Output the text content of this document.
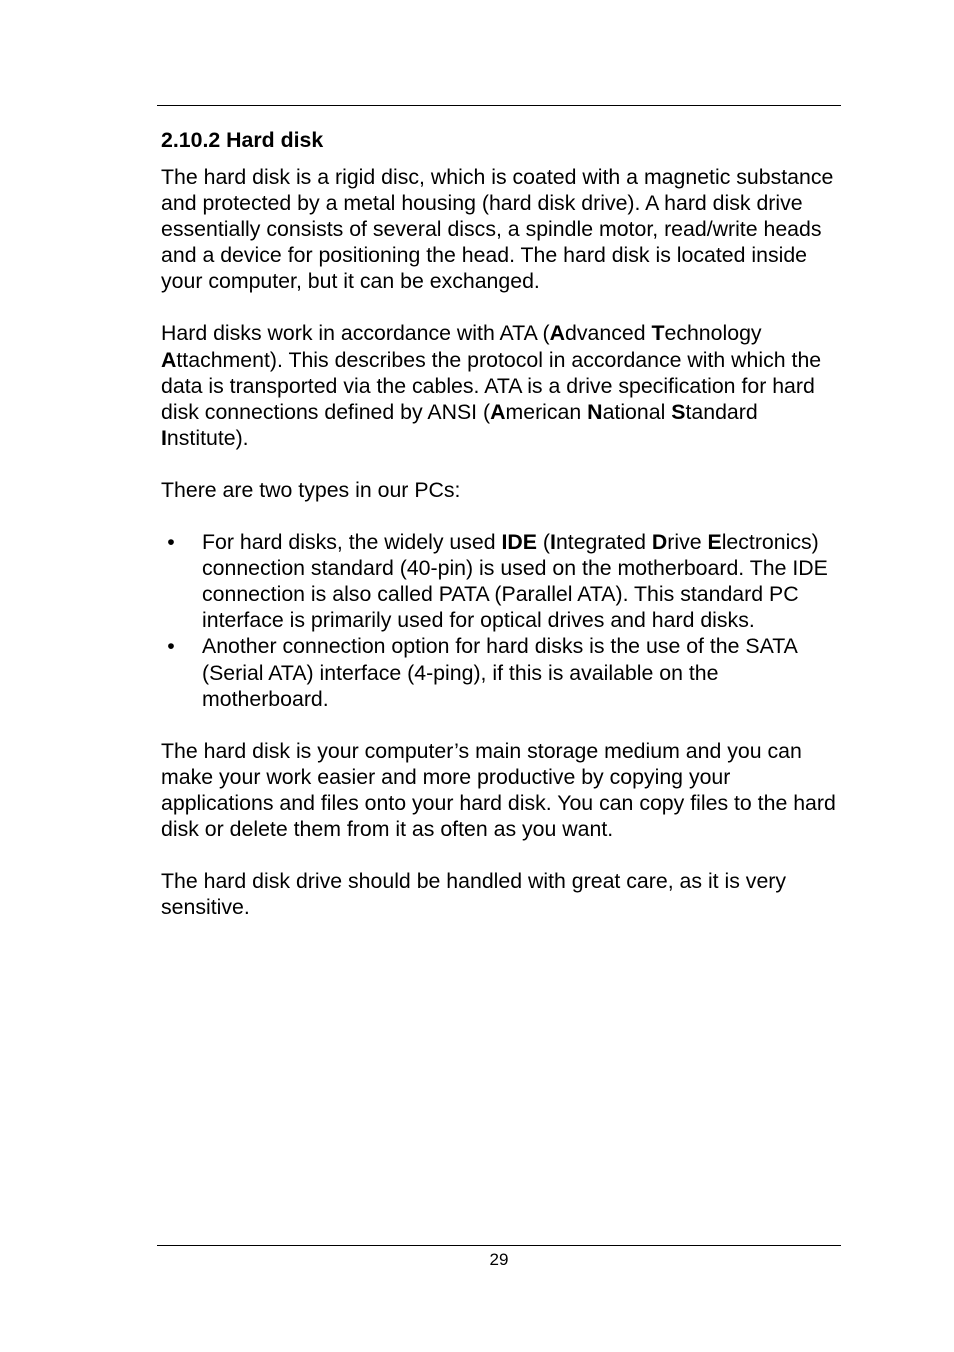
2.10.2 Hard disk

The hard disk is a rigid disc, which is coated with a magnetic substance and protected by a metal housing (hard disk drive). A hard disk drive essentially consists of several discs, a spindle motor, read/write heads and a device for positioning the head. The hard disk is located inside your computer, but it can be exchanged.

Hard disks work in accordance with ATA (Advanced Technology Attachment). This describes the protocol in accordance with which the data is transported via the cables. ATA is a drive specification for hard disk connections defined by ANSI (American National Standard Institute).

There are two types in our PCs:

• For hard disks, the widely used IDE (Integrated Drive Electronics) connection standard (40-pin) is used on the motherboard. The IDE connection is also called PATA (Parallel ATA). This standard PC interface is primarily used for optical drives and hard disks.
• Another connection option for hard disks is the use of the SATA (Serial ATA) interface (4-ping), if this is available on the motherboard.

The hard disk is your computer’s main storage medium and you can make your work easier and more productive by copying your applications and files onto your hard disk. You can copy files to the hard disk or delete them from it as often as you want.

The hard disk drive should be handled with great care, as it is very sensitive.

29
